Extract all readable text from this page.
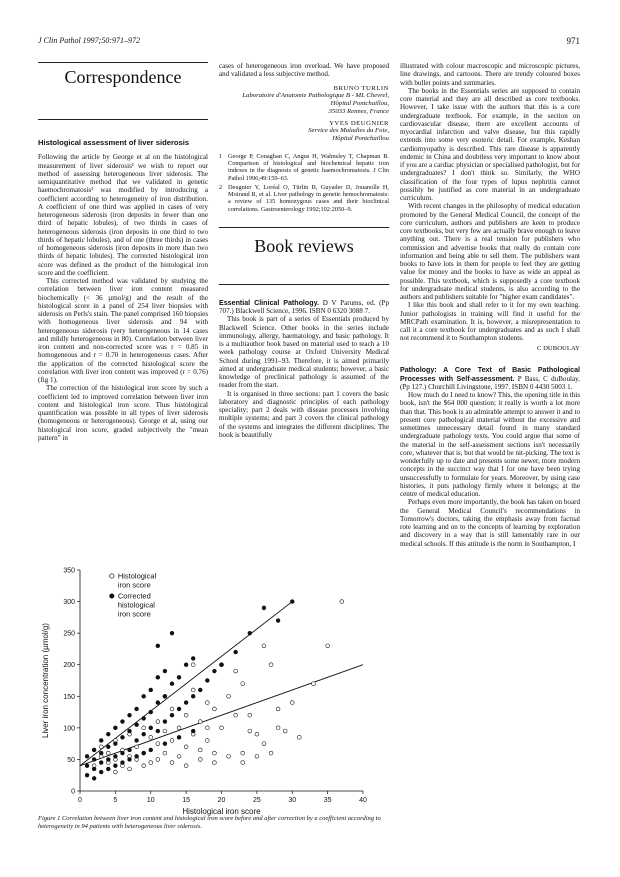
J Clin Pathol 1997;50:971–972	971
Correspondence
Histological assessment of liver siderosis

Following the article by George et al on the histological measurement of liver siderosis¹ we wish to report our method of assessing heterogeneous liver siderosis. The semiquantitative method that we validated in genetic haemochromatosis² was modified by introducing a coefficient according to heterogeneity of iron distribution. A coefficient of one third was applied in cases of very heterogeneous siderosis (iron deposits in fewer than one third of hepatic lobules), of two thirds in cases of heterogeneous siderosis (iron deposits in one third to two thirds of hepatic lobules), and of one (three thirds) in cases of homogeneous siderosis (iron deposits in more than two thirds of hepatic lobules). The corrected histological iron score was defined as the product of the histological iron score and the coefficient.

This corrected method was validated by studying the correlation between liver iron content measured biochemically (< 36 µmol/g) and the result of the histological score in a panel of 254 liver biopsies with siderosis on Perls's stain. The panel comprised 160 biopsies with homogeneous liver siderosis and 94 with heterogeneous siderosis (very heterogeneous in 14 cases and mildly heterogeneous in 80). Correlation between liver iron content and non-corrected score was r = 0.85 in homogeneous and r = 0.70 in heterogeneous cases. After the application of the corrected histological score the correlation with liver iron content was improved (r = 0.76) (fig 1).

The correction of the histological iron score by such a coefficient led to improved correlation between liver iron content and histological iron score. Thus histological quantification was possible in all types of liver siderosis (homogeneous or heterogeneous). George et al, using our histological iron score, graded subjectively the "mean pattern" in

cases of heterogeneous iron overload. We have proposed and validated a less subjective method.

BRUNO TURLIN
Laboratoire d'Anatomie Pathologique B - ML Chevrel,
Hôpital Pontchaillou,
35033 Rennes, France
YVES DEUGNIER
Service des Maladies du Foie,
Hôpital Pontchaillou
1 George P, Conaghan C, Angus H, Walmsley T, Chapman B. Comparison of histological and biochemical hepatic iron indexes in the diagnosis of genetic haemochromatosis. J Clin Pathol 1996;49:159–63.
2 Deugnier Y, Loréal O, Türlin B, Guyader D, Jouanolle H, Moirand R, et al. Liver pathology in genetic hemochromatosis: a review of 135 homozygous cases and their bioclinical correlations. Gastroenterology 1992;102:2050–9.
Book reviews

Essential Clinical Pathology. D V Parums, ed. (Pp 707.) Blackwell Science, 1996. ISBN 0 6320 3088 7.

This book is part of a series of Essentials produced by Blackwell Science. Other books in the series include immunology, allergy, haematology, and basic pathology. It is a multiauthor book based on material used to teach a 10 week pathology course at Oxford University Medical School during 1991–93. Therefore, it is aimed primarily aimed at undergraduate medical students; however, a basic knowledge of preclinical pathology is assumed of the reader from the start.

It is organised in three sections: part 1 covers the basic laboratory and diagnostic principles of each pathology speciality; part 2 deals with disease processes involving multiple systems; and part 3 covers the clinical pathology of the systems and integrates the different disciplines. The book is beautifully

illustrated with colour macroscopic and microscopic pictures, line drawings, and cartoons. There are trendy coloured boxes with bullet points and summaries.

The books in the Essentials series are supposed to contain core material and they are all described as core textbooks. However, I take issue with the authors that this is a core undergraduate textbook. For example, in the section on cardiovascular disease, there are excellent accounts of myocardial infarction and valve disease, but this rapidly extends into some very esoteric detail. For example, Keshan cardiomyopathy is described. This rare disease is apparently endemic in China and doubtless very important to know about if you are a cardiac physician or specialised pathologist, but for undergraduates? I don't think so. Similarly, the WHO classification of the four types of lupus nephritis cannot possibly be justified as core material in an undergraduate curriculum.

With recent changes in the philosophy of medical education promoted by the General Medical Council, the concept of the core curriculum, authors and publishers are keen to produce core textbooks, but very few are actually brave enough to leave anything out. There is a real tension for publishers who commission and advertise books that really do contain core information and being able to sell them. The publishers want books to have lots in them for people to feel they are getting value for money and the books to have as wide an appeal as possible. This textbook, which is supposedly a core textbook for undergraduate medical students, is also according to the authors and publishers suitable for "higher exam candidates".

I like this book and shall refer to it for my own teaching. Junior pathologists in training will find it useful for the MRCPath examination. It is, however, a misrepresentation to call it a core textbook for undergraduates and as such I shall not recommend it to Southampton students.

C DUBOULAY

Pathology: A Core Text of Basic Pathological Processes with Self-assessment. P Bass, C duBoulay. (Pp 127.) Churchill Livingstone, 1997. ISBN 0 4430 5003 1.

How much do I need to know? This, the opening title in this book, isn't the $64 000 question; it really is worth a lot more than that. This book is an admirable attempt to answer it and to present core pathological material without the excessive and sometimes unnecessary detail found in many standard undergraduate pathology texts. You could argue that some of the material in the self-assessment sections isn't necessarily core, whatever that is, but that would be nit-picking. The text is wonderfully up to date and presents some newer, more modern concepts in the succinct way that I for one have been trying unsuccessfully to formulate for years. Moreover, by using case histories, it puts pathology firmly where it belongs; at the centre of medical education.

Perhaps even more importantly, the book has taken on board the General Medical Council's recommendations in Tomorrow's doctors, taking the emphasis away from factual rote learning and on to the concepts of learning by exploration and discovery in a way that is still lamentably rare in our medical schools. If this attitude is the norm in Southampton, I

0	5	10	15	20	25	30	35	40
0
50
100
150
200
250
300
350
Histological iron score
Liver iron concentration (µmol/g)
Histological
iron score
Corrected
histological
iron score
Figure 1 Correlation between liver iron content and histological iron score before and after correction by a coefficient according to heterogeneity in 94 patients with heterogeneous liver siderosis.
